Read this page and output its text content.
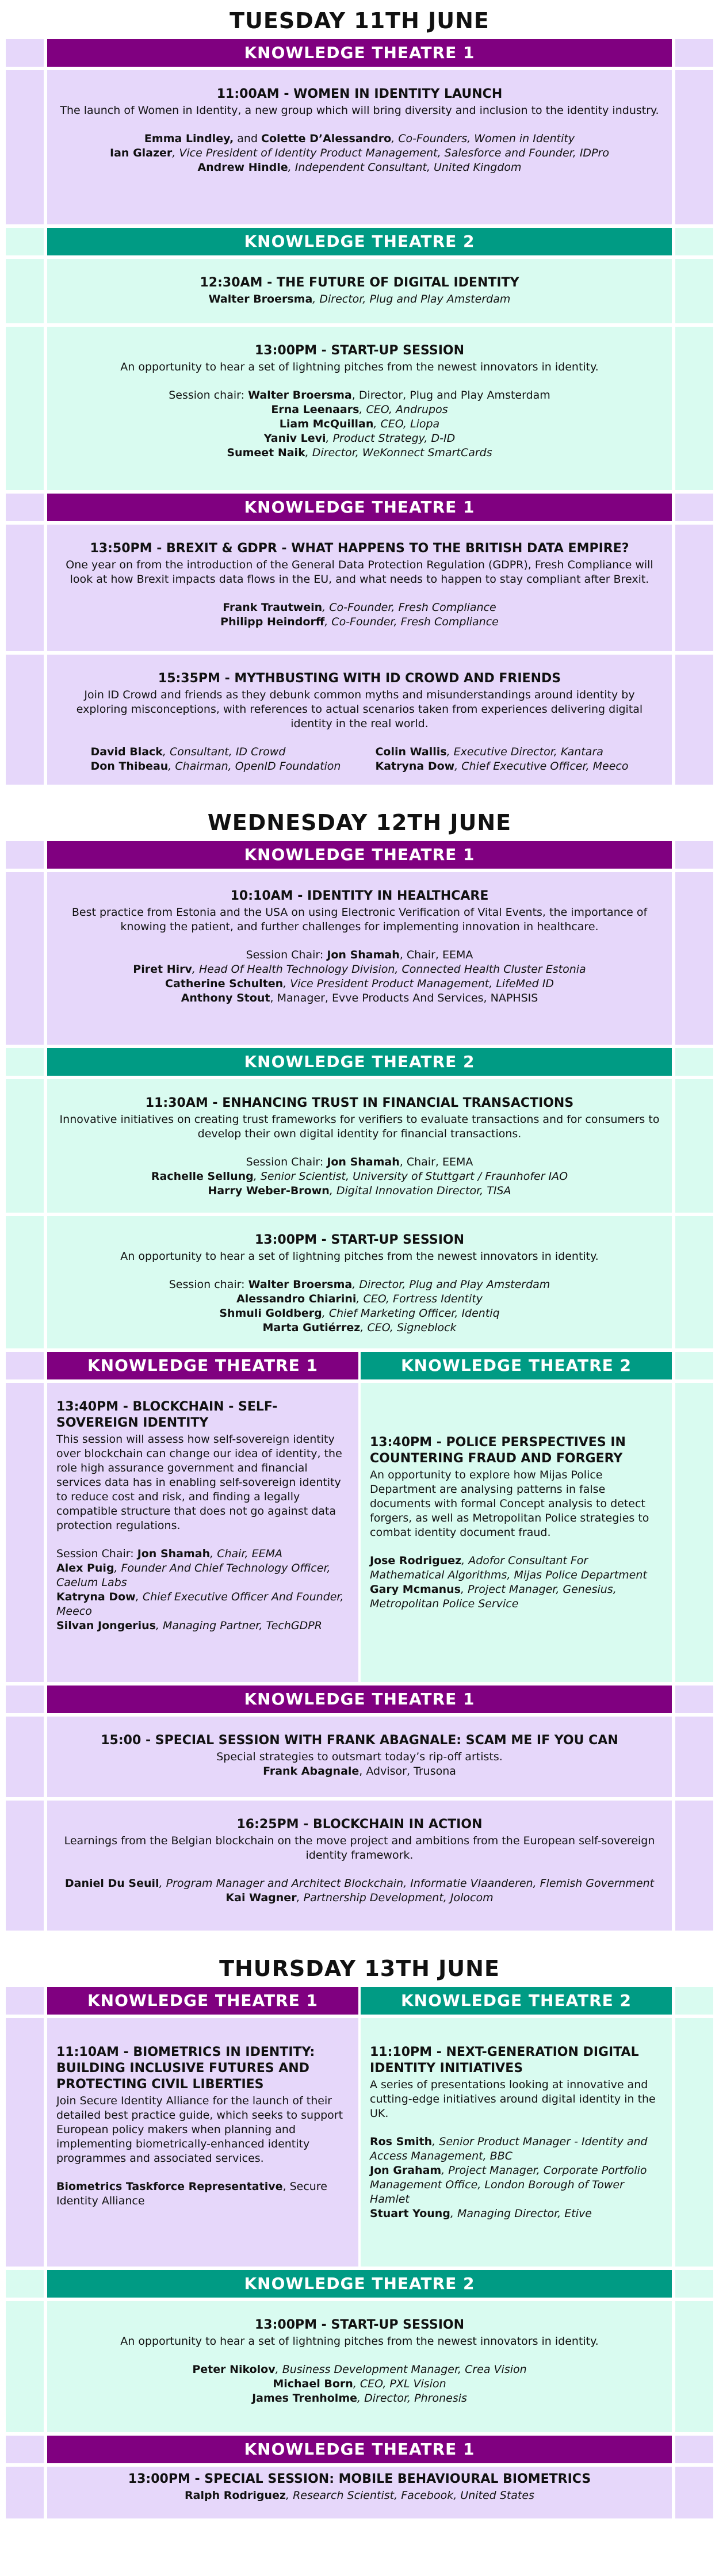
TUESDAY 11TH JUNE
KNOWLEDGE THEATRE 1

11:00AM - WOMEN IN IDENTITY LAUNCH

The launch of Women in Identity, a new group which will bring diversity and inclusion to the identity industry.

Emma Lindley, and Colette D’Alessandro, Co-Founders, Women in Identity

Ian Glazer, Vice President of Identity Product Management, Salesforce and Founder, IDPro

Andrew Hindle, Independent Consultant, United Kingdom

KNOWLEDGE THEATRE 2

12:30AM - THE FUTURE OF DIGITAL IDENTITY

Walter Broersma, Director, Plug and Play Amsterdam

13:00PM - START-UP SESSION

An opportunity to hear a set of lightning pitches from the newest innovators in identity.

Session chair: Walter Broersma, Director, Plug and Play Amsterdam

Erna Leenaars, CEO, Andrupos

Liam McQuillan, CEO, Liopa

Yaniv Levi, Product Strategy, D-ID

Sumeet Naik, Director, WeKonnect SmartCards

KNOWLEDGE THEATRE 1

13:50PM - BREXIT & GDPR - WHAT HAPPENS TO THE BRITISH DATA EMPIRE?

One year on from the introduction of the General Data Protection Regulation (GDPR), Fresh Compliance will look at how Brexit impacts data flows in the EU, and what needs to happen to stay compliant after Brexit.

Frank Trautwein, Co-Founder, Fresh Compliance

Philipp Heindorff, Co-Founder, Fresh Compliance

15:35PM - MYTHBUSTING WITH ID CROWD AND FRIENDS

Join ID Crowd and friends as they debunk common myths and misunderstandings around identity by exploring misconceptions, with references to actual scenarios taken from experiences delivering digital identity in the real world.

David Black, Consultant, ID Crowd

Don Thibeau, Chairman, OpenID Foundation

Colin Wallis, Executive Director, Kantara

Katryna Dow, Chief Executive Officer, Meeco

WEDNESDAY 12TH JUNE
KNOWLEDGE THEATRE 1

10:10AM - IDENTITY IN HEALTHCARE

Best practice from Estonia and the USA on using Electronic Verification of Vital Events, the importance of knowing the patient, and further challenges for implementing innovation in healthcare.

Session Chair: Jon Shamah, Chair, EEMA

Piret Hirv, Head Of Health Technology Division, Connected Health Cluster Estonia

Catherine Schulten, Vice President Product Management, LifeMed ID

Anthony Stout, Manager, Evve Products And Services, NAPHSIS

KNOWLEDGE THEATRE 2

11:30AM - ENHANCING TRUST IN FINANCIAL TRANSACTIONS

Innovative initiatives on creating trust frameworks for verifiers to evaluate transactions and for consumers to develop their own digital identity for financial transactions.

Session Chair: Jon Shamah, Chair, EEMA

Rachelle Sellung, Senior Scientist, University of Stuttgart / Fraunhofer IAO

Harry Weber-Brown, Digital Innovation Director, TISA

13:00PM - START-UP SESSION

An opportunity to hear a set of lightning pitches from the newest innovators in identity.

Session chair: Walter Broersma, Director, Plug and Play Amsterdam

Alessandro Chiarini, CEO, Fortress Identity

Shmuli Goldberg, Chief Marketing Officer, Identiq

Marta Gutiérrez, CEO, Signeblock

KNOWLEDGE THEATRE 1	KNOWLEDGE THEATRE 2

13:40PM - BLOCKCHAIN - SELF-SOVEREIGN IDENTITY

This session will assess how self-sovereign identity over blockchain can change our idea of identity, the role high assurance government and financial services data has in enabling self-sovereign identity to reduce cost and risk, and finding a legally compatible structure that does not go against data protection regulations.

Session Chair: Jon Shamah, Chair, EEMA

Alex Puig, Founder And Chief Technology Officer, Caelum Labs

Katryna Dow, Chief Executive Officer And Founder, Meeco

Silvan Jongerius, Managing Partner, TechGDPR

13:40PM - POLICE PERSPECTIVES IN COUNTERING FRAUD AND FORGERY

An opportunity to explore how Mijas Police Department are analysing patterns in false documents with formal Concept analysis to detect forgers, as well as Metropolitan Police strategies to combat identity document fraud.

Jose Rodriguez, Adofor Consultant For Mathematical Algorithms, Mijas Police Department

Gary Mcmanus, Project Manager, Genesius, Metropolitan Police Service

KNOWLEDGE THEATRE 1

15:00 - SPECIAL SESSION WITH FRANK ABAGNALE: SCAM ME IF YOU CAN

Special strategies to outsmart today’s rip-off artists.

Frank Abagnale, Advisor, Trusona

16:25PM - BLOCKCHAIN IN ACTION

Learnings from the Belgian blockchain on the move project and ambitions from the European self-sovereign identity framework.

Daniel Du Seuil, Program Manager and Architect Blockchain, Informatie Vlaanderen, Flemish Government

Kai Wagner, Partnership Development, Jolocom

THURSDAY 13TH JUNE
KNOWLEDGE THEATRE 1	KNOWLEDGE THEATRE 2

11:10AM - BIOMETRICS IN IDENTITY: BUILDING INCLUSIVE FUTURES AND PROTECTING CIVIL LIBERTIES

Join Secure Identity Alliance for the launch of their detailed best practice guide, which seeks to support European policy makers when planning and implementing biometrically-enhanced identity programmes and associated services.

Biometrics Taskforce Representative, Secure Identity Alliance

11:10PM - NEXT-GENERATION DIGITAL IDENTITY INITIATIVES

A series of presentations looking at innovative and cutting-edge initiatives around digital identity in the UK.

Ros Smith, Senior Product Manager - Identity and Access Management, BBC

Jon Graham, Project Manager, Corporate Portfolio Management Office, London Borough of Tower Hamlet

Stuart Young, Managing Director, Etive

KNOWLEDGE THEATRE 2

13:00PM - START-UP SESSION

An opportunity to hear a set of lightning pitches from the newest innovators in identity.

Peter Nikolov, Business Development Manager, Crea Vision

Michael Born, CEO, PXL Vision

James Trenholme, Director, Phronesis

KNOWLEDGE THEATRE 1

13:00PM - SPECIAL SESSION: MOBILE BEHAVIOURAL BIOMETRICS

Ralph Rodriguez, Research Scientist, Facebook, United States
